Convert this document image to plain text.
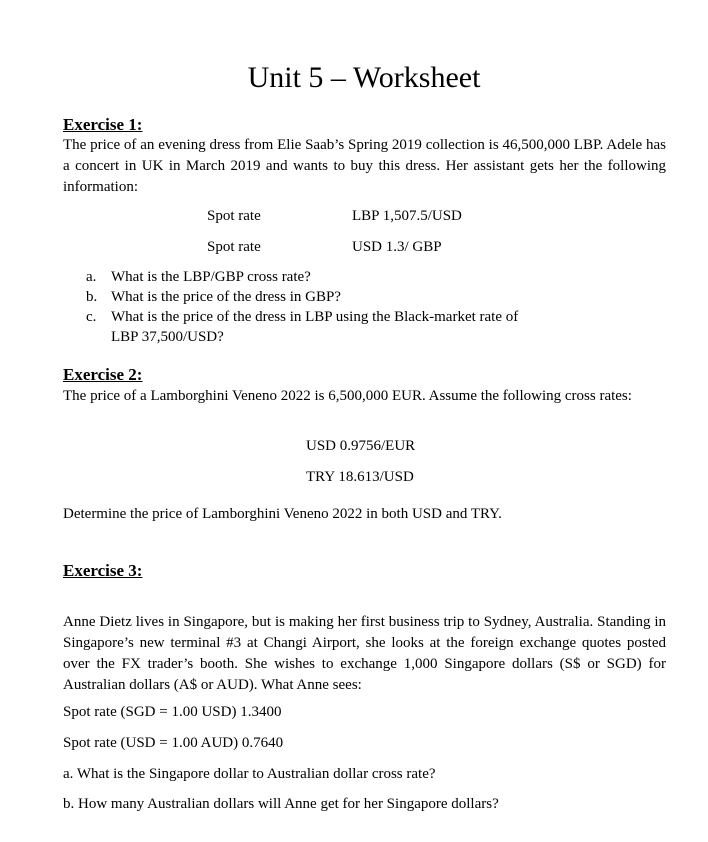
Unit 5 – Worksheet
Exercise 1:
The price of an evening dress from Elie Saab’s Spring 2019 collection is 46,500,000 LBP. Adele has a concert in UK in March 2019 and wants to buy this dress. Her assistant gets her the following information:
Spot rate	LBP 1,507.5/USD
Spot rate	USD 1.3/ GBP
a. What is the LBP/GBP cross rate?
b. What is the price of the dress in GBP?
c. What is the price of the dress in LBP using the Black-market rate of
LBP 37,500/USD?
Exercise 2:
The price of a Lamborghini Veneno 2022 is 6,500,000 EUR. Assume the following cross rates:
USD 0.9756/EUR
TRY 18.613/USD
Determine the price of Lamborghini Veneno 2022 in both USD and TRY.
Exercise 3:
Anne Dietz lives in Singapore, but is making her first business trip to Sydney, Australia. Standing in Singapore’s new terminal #3 at Changi Airport, she looks at the foreign exchange quotes posted over the FX trader’s booth. She wishes to exchange 1,000 Singapore dollars (S$ or SGD) for Australian dollars (A$ or AUD). What Anne sees:
Spot rate (SGD = 1.00 USD) 1.3400
Spot rate (USD = 1.00 AUD) 0.7640
a. What is the Singapore dollar to Australian dollar cross rate?
b. How many Australian dollars will Anne get for her Singapore dollars?
